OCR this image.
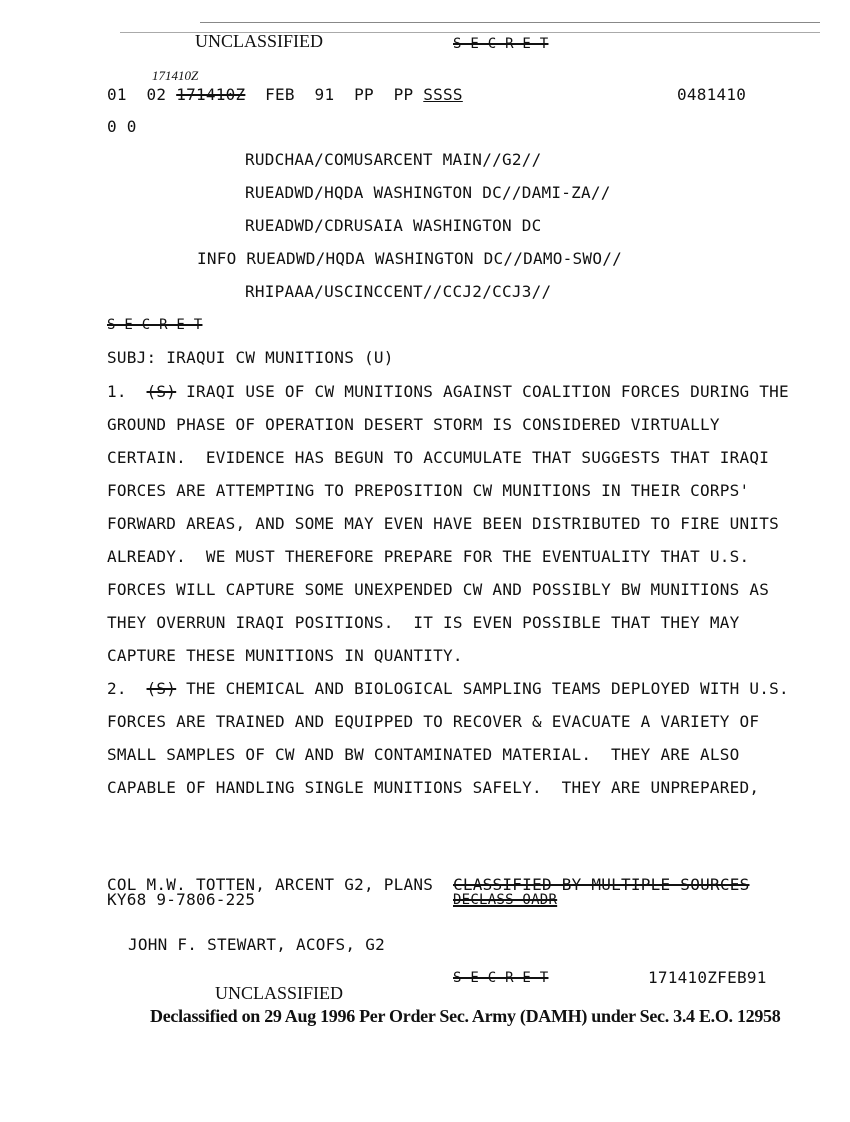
UNCLASSIFIED	S E C R E T
171410Z
01  02 171410Z FEB  91  PP  PP SSSS	0481410
0 0
RUDCHAA/COMUSARCENT MAIN//G2//
RUEADWD/HQDA WASHINGTON DC//DAMI-ZA//
RUEADWD/CDRUSAIA WASHINGTON DC
INFO RUEADWD/HQDA WASHINGTON DC//DAMO-SWO//
RHIPAAA/USCINCCENT//CCJ2/CCJ3//
S E C R E T
SUBJ: IRAQUI CW MUNITIONS (U)
1. (S) IRAQI USE OF CW MUNITIONS AGAINST COALITION FORCES DURING THE
GROUND PHASE OF OPERATION DESERT STORM IS CONSIDERED VIRTUALLY
CERTAIN.  EVIDENCE HAS BEGUN TO ACCUMULATE THAT SUGGESTS THAT IRAQI
FORCES ARE ATTEMPTING TO PREPOSITION CW MUNITIONS IN THEIR CORPS'
FORWARD AREAS, AND SOME MAY EVEN HAVE BEEN DISTRIBUTED TO FIRE UNITS
ALREADY.  WE MUST THEREFORE PREPARE FOR THE EVENTUALITY THAT U.S.
FORCES WILL CAPTURE SOME UNEXPENDED CW AND POSSIBLY BW MUNITIONS AS
THEY OVERRUN IRAQI POSITIONS.  IT IS EVEN POSSIBLE THAT THEY MAY
CAPTURE THESE MUNITIONS IN QUANTITY.
2. (S) THE CHEMICAL AND BIOLOGICAL SAMPLING TEAMS DEPLOYED WITH U.S.
FORCES ARE TRAINED AND EQUIPPED TO RECOVER & EVACUATE A VARIETY OF
SMALL SAMPLES OF CW AND BW CONTAMINATED MATERIAL.  THEY ARE ALSO
CAPABLE OF HANDLING SINGLE MUNITIONS SAFELY.  THEY ARE UNPREPARED,
COL M.W. TOTTEN, ARCENT G2, PLANS CLASSIFIED BY MULTIPLE SOURCES
KY68 9-7806-225	DECLASS OADR
JOHN F. STEWART, ACOFS, G2
S E C R E T	171410ZFEB91
UNCLASSIFIED
Declassified on 29 Aug 1996 Per Order Sec. Army (DAMH) under Sec. 3.4 E.O. 12958
